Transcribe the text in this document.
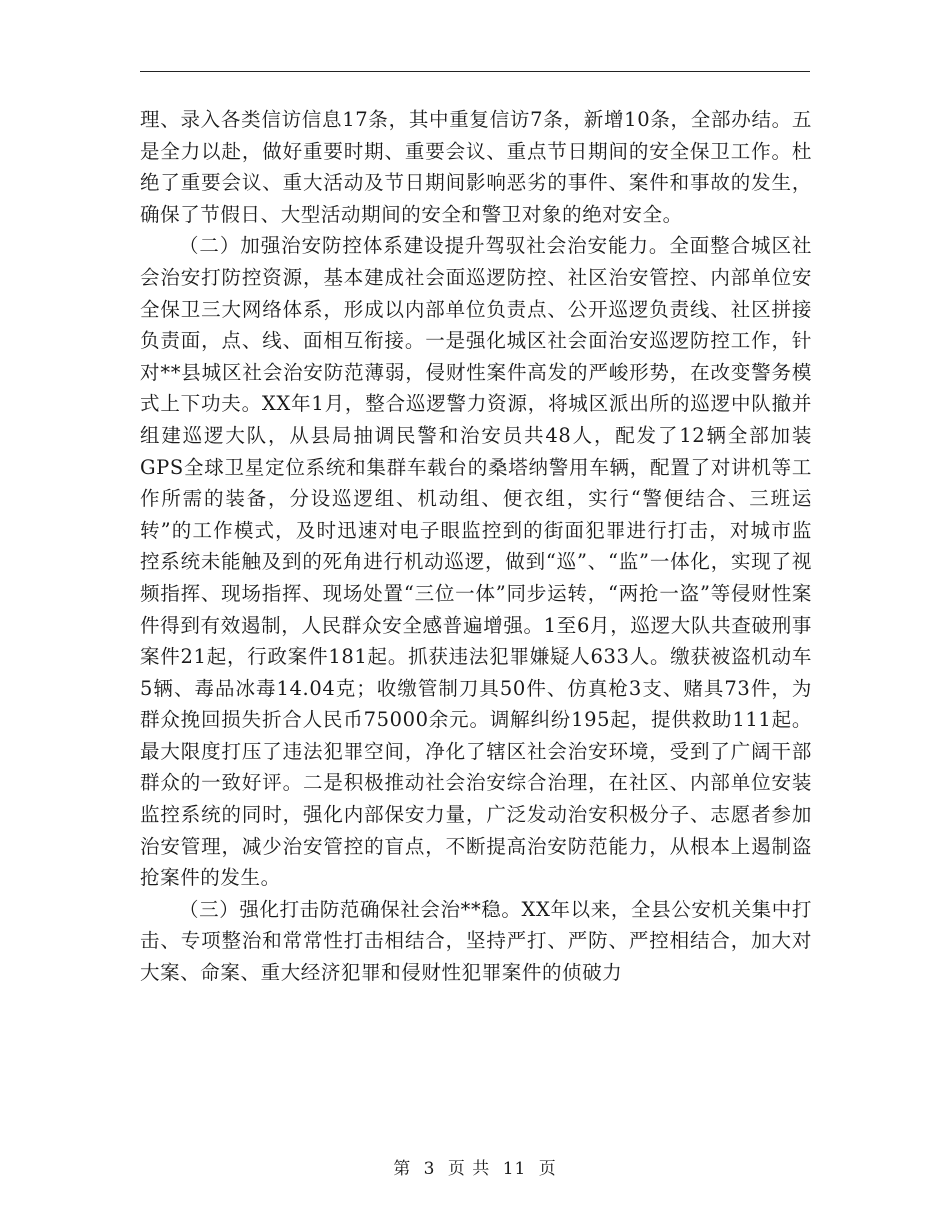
理、录入各类信访信息17条，其中重复信访7条，新增10条，全部办结。五是全力以赴，做好重要时期、重要会议、重点节日期间的安全保卫工作。杜绝了重要会议、重大活动及节日期间影响恶劣的事件、案件和事故的发生，确保了节假日、大型活动期间的安全和警卫对象的绝对安全。

（二）加强治安防控体系建设提升驾驭社会治安能力。全面整合城区社会治安打防控资源，基本建成社会面巡逻防控、社区治安管控、内部单位安全保卫三大网络体系，形成以内部单位负责点、公开巡逻负责线、社区拼接负责面，点、线、面相互衔接。一是强化城区社会面治安巡逻防控工作，针对**县城区社会治安防范薄弱，侵财性案件高发的严峻形势，在改变警务模式上下功夫。XX年1月，整合巡逻警力资源，将城区派出所的巡逻中队撤并组建巡逻大队，从县局抽调民警和治安员共48人，配发了12辆全部加装GPS全球卫星定位系统和集群车载台的桑塔纳警用车辆，配置了对讲机等工作所需的装备，分设巡逻组、机动组、便衣组，实行“警便结合、三班运转”的工作模式，及时迅速对电子眼监控到的街面犯罪进行打击，对城市监控系统未能触及到的死角进行机动巡逻，做到“巡”、“监”一体化，实现了视频指挥、现场指挥、现场处置“三位一体”同步运转，“两抢一盗”等侵财性案件得到有效遏制，人民群众安全感普遍增强。1至6月，巡逻大队共查破刑事案件21起，行政案件181起。抓获违法犯罪嫌疑人633人。缴获被盗机动车5辆、毒品冰毒14.04克；收缴管制刀具50件、仿真枪3支、赌具73件，为群众挽回损失折合人民币75000余元。调解纠纷195起，提供救助111起。最大限度打压了违法犯罪空间，净化了辖区社会治安环境，受到了广阔干部群众的一致好评。二是积极推动社会治安综合治理，在社区、内部单位安装监控系统的同时，强化内部保安力量，广泛发动治安积极分子、志愿者参加治安管理，减少治安管控的盲点，不断提高治安防范能力，从根本上遏制盗抢案件的发生。

（三）强化打击防范确保社会治**稳。XX年以来，全县公安机关集中打击、专项整治和常常性打击相结合，坚持严打、严防、严控相结合，加大对大案、命案、重大经济犯罪和侵财性犯罪案件的侦破力

第 3 页 共 11 页
